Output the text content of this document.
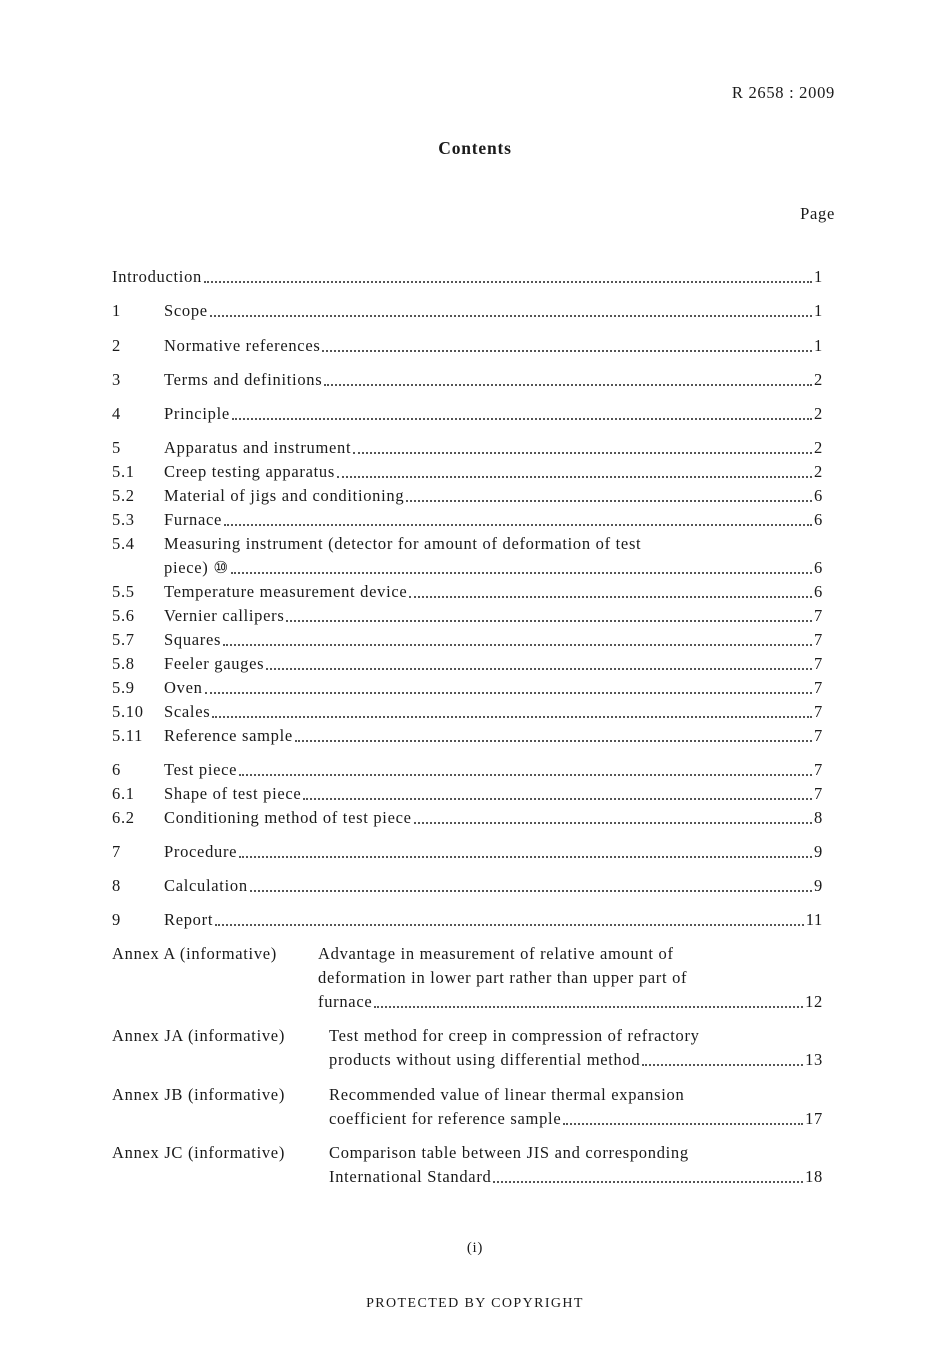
R 2658 : 2009
Contents
Page
Introduction	1
1	Scope	1
2	Normative references	1
3	Terms and definitions	2
4	Principle	2
5	Apparatus and instrument	2
5.1 Creep testing apparatus	2
5.2 Material of jigs and conditioning	6
5.3 Furnace	6
5.4 Measuring instrument (detector for amount of deformation of test
piece) ⑩	6
5.5 Temperature measurement device	6
5.6 Vernier callipers	7
5.7 Squares	7
5.8 Feeler gauges	7
5.9 Oven	7
5.10 Scales	7
5.11 Reference sample	7
6	Test piece	7
6.1 Shape of test piece	7
6.2 Conditioning method of test piece	8
7	Procedure	9
8	Calculation	9
9	Report	11
Annex A (informative) Advantage in measurement of relative amount of
deformation in lower part rather than upper part of
furnace	12
Annex JA (informative)	Test method for creep in compression of refractory
products without using differential method	13
Annex JB (informative)	Recommended value of linear thermal expansion
coefficient for reference sample	17
Annex JC (informative)	Comparison table between JIS and corresponding
International Standard	18
(i)
PROTECTED BY COPYRIGHT
